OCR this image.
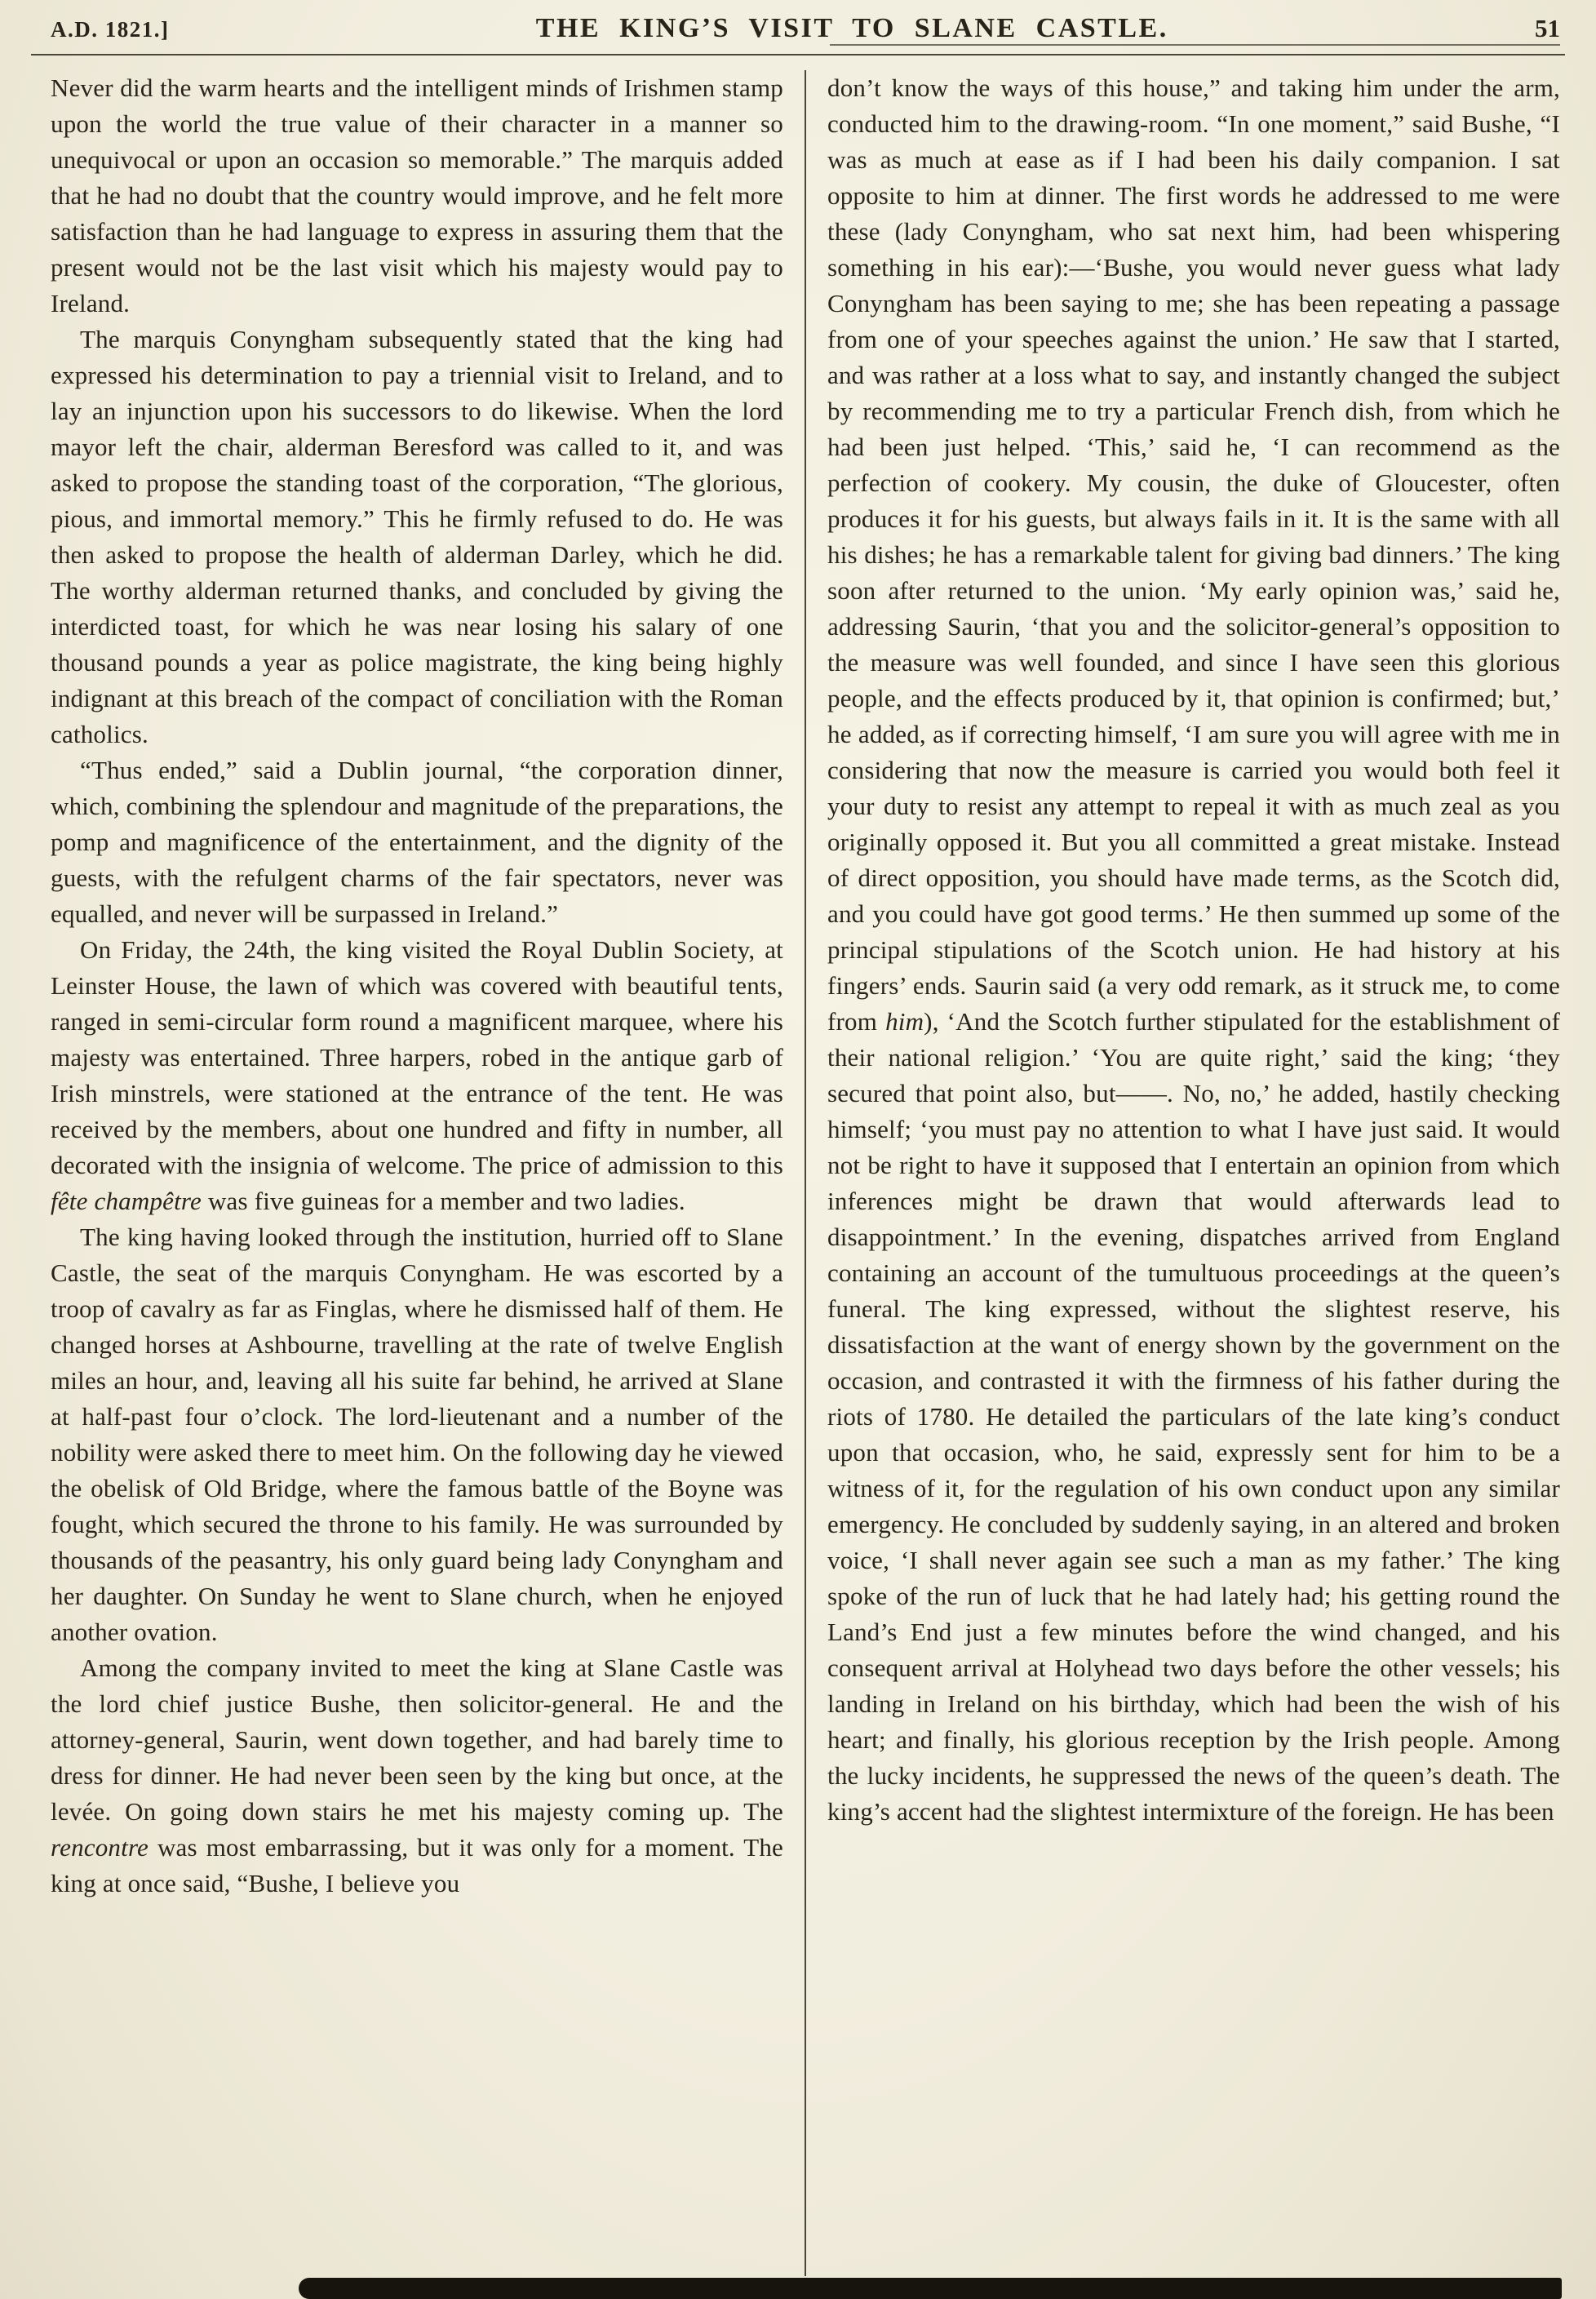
A.D. 1821.]	THE KING’S VISIT TO SLANE CASTLE.	51

Never did the warm hearts and the intelligent minds of Irishmen stamp upon the world the true value of their character in a manner so unequivocal or upon an occasion so memorable.” The marquis added that he had no doubt that the country would improve, and he felt more satisfaction than he had language to express in assuring them that the present would not be the last visit which his majesty would pay to Ireland.

The marquis Conyngham subsequently stated that the king had expressed his determination to pay a triennial visit to Ireland, and to lay an injunction upon his successors to do likewise. When the lord mayor left the chair, alderman Beresford was called to it, and was asked to propose the standing toast of the corporation, “The glorious, pious, and immortal memory.” This he firmly refused to do. He was then asked to propose the health of alderman Darley, which he did. The worthy alderman returned thanks, and concluded by giving the interdicted toast, for which he was near losing his salary of one thousand pounds a year as police magistrate, the king being highly indignant at this breach of the compact of conciliation with the Roman catholics.

“Thus ended,” said a Dublin journal, “the corporation dinner, which, combining the splendour and magnitude of the preparations, the pomp and magnificence of the entertainment, and the dignity of the guests, with the refulgent charms of the fair spectators, never was equalled, and never will be surpassed in Ireland.”

On Friday, the 24th, the king visited the Royal Dublin Society, at Leinster House, the lawn of which was covered with beautiful tents, ranged in semi-circular form round a magnificent marquee, where his majesty was entertained. Three harpers, robed in the antique garb of Irish minstrels, were stationed at the entrance of the tent. He was received by the members, about one hundred and fifty in number, all decorated with the insignia of welcome. The price of admission to this fête champêtre was five guineas for a member and two ladies.

The king having looked through the institution, hurried off to Slane Castle, the seat of the marquis Conyngham. He was escorted by a troop of cavalry as far as Finglas, where he dismissed half of them. He changed horses at Ashbourne, travelling at the rate of twelve English miles an hour, and, leaving all his suite far behind, he arrived at Slane at half-past four o’clock. The lord-lieutenant and a number of the nobility were asked there to meet him. On the following day he viewed the obelisk of Old Bridge, where the famous battle of the Boyne was fought, which secured the throne to his family. He was surrounded by thousands of the peasantry, his only guard being lady Conyngham and her daughter. On Sunday he went to Slane church, when he enjoyed another ovation.

Among the company invited to meet the king at Slane Castle was the lord chief justice Bushe, then solicitor-general. He and the attorney-general, Saurin, went down together, and had barely time to dress for dinner. He had never been seen by the king but once, at the levée. On going down stairs he met his majesty coming up. The rencontre was most embarrassing, but it was only for a moment. The king at once said, “Bushe, I believe you

don’t know the ways of this house,” and taking him under the arm, conducted him to the drawing-room. “In one moment,” said Bushe, “I was as much at ease as if I had been his daily companion. I sat opposite to him at dinner. The first words he addressed to me were these (lady Conyngham, who sat next him, had been whispering something in his ear):—‘Bushe, you would never guess what lady Conyngham has been saying to me; she has been repeating a passage from one of your speeches against the union.’ He saw that I started, and was rather at a loss what to say, and instantly changed the subject by recommending me to try a particular French dish, from which he had been just helped. ‘This,’ said he, ‘I can recommend as the perfection of cookery. My cousin, the duke of Gloucester, often produces it for his guests, but always fails in it. It is the same with all his dishes; he has a remarkable talent for giving bad dinners.’ The king soon after returned to the union. ‘My early opinion was,’ said he, addressing Saurin, ‘that you and the solicitor-general’s opposition to the measure was well founded, and since I have seen this glorious people, and the effects produced by it, that opinion is confirmed; but,’ he added, as if correcting himself, ‘I am sure you will agree with me in considering that now the measure is carried you would both feel it your duty to resist any attempt to repeal it with as much zeal as you originally opposed it. But you all committed a great mistake. Instead of direct opposition, you should have made terms, as the Scotch did, and you could have got good terms.’ He then summed up some of the principal stipulations of the Scotch union. He had history at his fingers’ ends. Saurin said (a very odd remark, as it struck me, to come from him), ‘And the Scotch further stipulated for the establishment of their national religion.’ ‘You are quite right,’ said the king; ‘they secured that point also, but——. No, no,’ he added, hastily checking himself; ‘you must pay no attention to what I have just said. It would not be right to have it supposed that I entertain an opinion from which inferences might be drawn that would afterwards lead to disappointment.’ In the evening, dispatches arrived from England containing an account of the tumultuous proceedings at the queen’s funeral. The king expressed, without the slightest reserve, his dissatisfaction at the want of energy shown by the government on the occasion, and contrasted it with the firmness of his father during the riots of 1780. He detailed the particulars of the late king’s conduct upon that occasion, who, he said, expressly sent for him to be a witness of it, for the regulation of his own conduct upon any similar emergency. He concluded by suddenly saying, in an altered and broken voice, ‘I shall never again see such a man as my father.’ The king spoke of the run of luck that he had lately had; his getting round the Land’s End just a few minutes before the wind changed, and his consequent arrival at Holyhead two days before the other vessels; his landing in Ireland on his birthday, which had been the wish of his heart; and finally, his glorious reception by the Irish people. Among the lucky incidents, he suppressed the news of the queen’s death. The king’s accent had the slightest intermixture of the foreign. He has been
